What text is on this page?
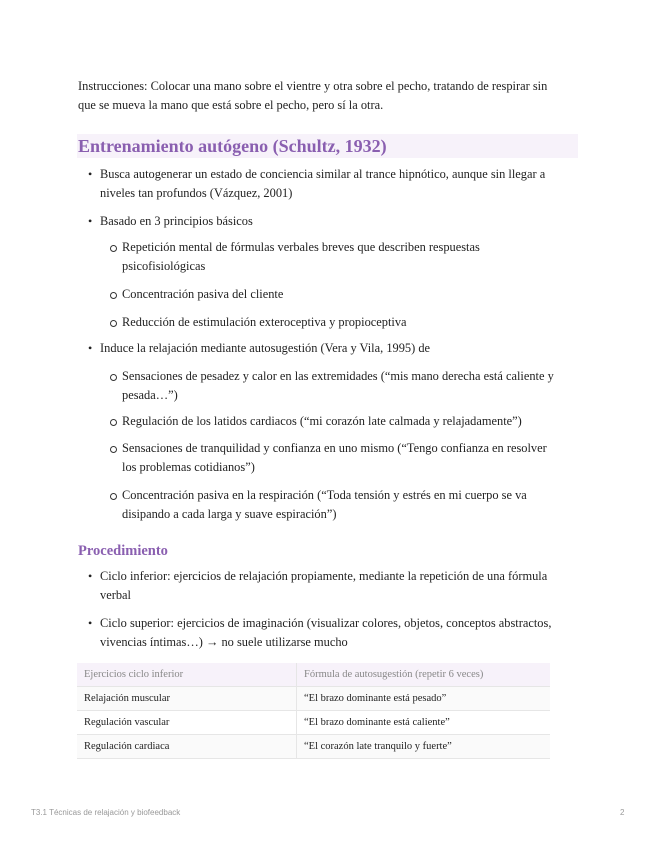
Instrucciones: Colocar una mano sobre el vientre y otra sobre el pecho, tratando de respirar sin
que se mueva la mano que está sobre el pecho, pero sí la otra.
Entrenamiento autógeno (Schultz, 1932)
• Busca autogenerar un estado de conciencia similar al trance hipnótico, aunque sin llegar a
niveles tan profundos (Vázquez, 2001)
• Basado en 3 principios básicos
Repetición mental de fórmulas verbales breves que describen respuestas
psicofisiológicas
Concentración pasiva del cliente
Reducción de estimulación exteroceptiva y propioceptiva
• Induce la relajación mediante autosugestión (Vera y Vila, 1995) de
Sensaciones de pesadez y calor en las extremidades (“mis mano derecha está caliente y
pesada…”)
Regulación de los latidos cardiacos (“mi corazón late calmada y relajadamente”)
Sensaciones de tranquilidad y confianza en uno mismo (“Tengo confianza en resolver
los problemas cotidianos”)
Concentración pasiva en la respiración (“Toda tensión y estrés en mi cuerpo se va
disipando a cada larga y suave espiración”)
Procedimiento
• Ciclo inferior: ejercicios de relajación propiamente, mediante la repetición de una fórmula
verbal
• Ciclo superior: ejercicios de imaginación (visualizar colores, objetos, conceptos abstractos,
vivencias íntimas…) → no suele utilizarse mucho
Ejercicios ciclo inferior	Fórmula de autosugestión (repetir 6 veces)
Relajación muscular	“El brazo dominante está pesado”
Regulación vascular	“El brazo dominante está caliente”
Regulación cardiaca	“El corazón late tranquilo y fuerte”
T3.1 Técnicas de relajación y biofeedback	2
